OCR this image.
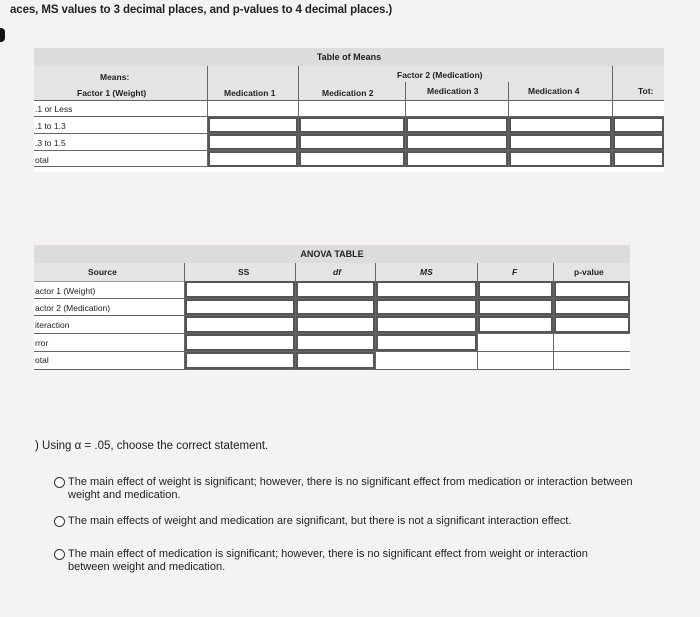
aces, MS values to 3 decimal places, and p-values to 4 decimal places.)
Table of Means
Means:
Factor 1 (Weight)
Factor 2 (Medication)
Medication 1	Medication 2	Medication 3	Medication 4	Tot:
.1 or Less
.1 to 1.3
.3 to 1.5
otal
ANOVA TABLE
Source	SS	df	MS	F	p-value
actor 1 (Weight)
actor 2 (Medication)
iteraction
rror
otal
) Using α = .05, choose the correct statement.
The main effect of weight is significant; however, there is no significant effect from medication or interaction between weight and medication.
The main effects of weight and medication are significant, but there is not a significant interaction effect.
The main effect of medication is significant; however, there is no significant effect from weight or interaction between weight and medication.
